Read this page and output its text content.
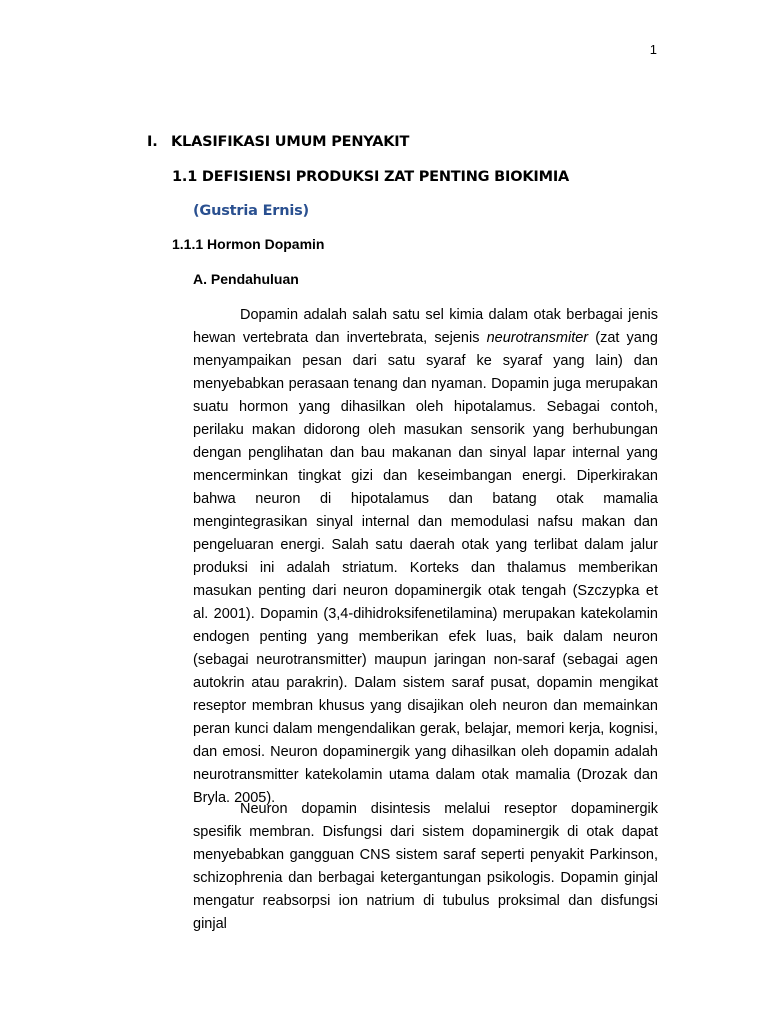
1
I. KLASIFIKASI UMUM PENYAKIT
1.1 DEFISIENSI PRODUKSI ZAT PENTING BIOKIMIA
(Gustria Ernis)
1.1.1 Hormon Dopamin
A. Pendahuluan

Dopamin adalah salah satu sel kimia dalam otak berbagai jenis hewan vertebrata dan invertebrata, sejenis neurotransmiter (zat yang menyampaikan pesan dari satu syaraf ke syaraf yang lain) dan menyebabkan perasaan tenang dan nyaman. Dopamin juga merupakan suatu hormon yang dihasilkan oleh hipotalamus. Sebagai contoh, perilaku makan didorong oleh masukan sensorik yang berhubungan dengan penglihatan dan bau makanan dan sinyal lapar internal yang mencerminkan tingkat gizi dan keseimbangan energi. Diperkirakan bahwa neuron di hipotalamus dan batang otak mamalia mengintegrasikan sinyal internal dan memodulasi nafsu makan dan pengeluaran energi. Salah satu daerah otak yang terlibat dalam jalur produksi ini adalah striatum. Korteks dan thalamus memberikan masukan penting dari neuron dopaminergik otak tengah (Szczypka et al. 2001). Dopamin (3,4-dihidroksifenetilamina) merupakan katekolamin endogen penting yang memberikan efek luas, baik dalam neuron (sebagai neurotransmitter) maupun jaringan non-saraf (sebagai agen autokrin atau parakrin). Dalam sistem saraf pusat, dopamin mengikat reseptor membran khusus yang disajikan oleh neuron dan memainkan peran kunci dalam mengendalikan gerak, belajar, memori kerja, kognisi, dan emosi. Neuron dopaminergik yang dihasilkan oleh dopamin adalah neurotransmitter katekolamin utama dalam otak mamalia (Drozak dan Bryla. 2005).

Neuron dopamin disintesis melalui reseptor dopaminergik spesifik membran. Disfungsi dari sistem dopaminergik di otak dapat menyebabkan gangguan CNS sistem saraf seperti penyakit Parkinson, schizophrenia dan berbagai ketergantungan psikologis. Dopamin ginjal mengatur reabsorpsi ion natrium di tubulus proksimal dan disfungsi ginjal
